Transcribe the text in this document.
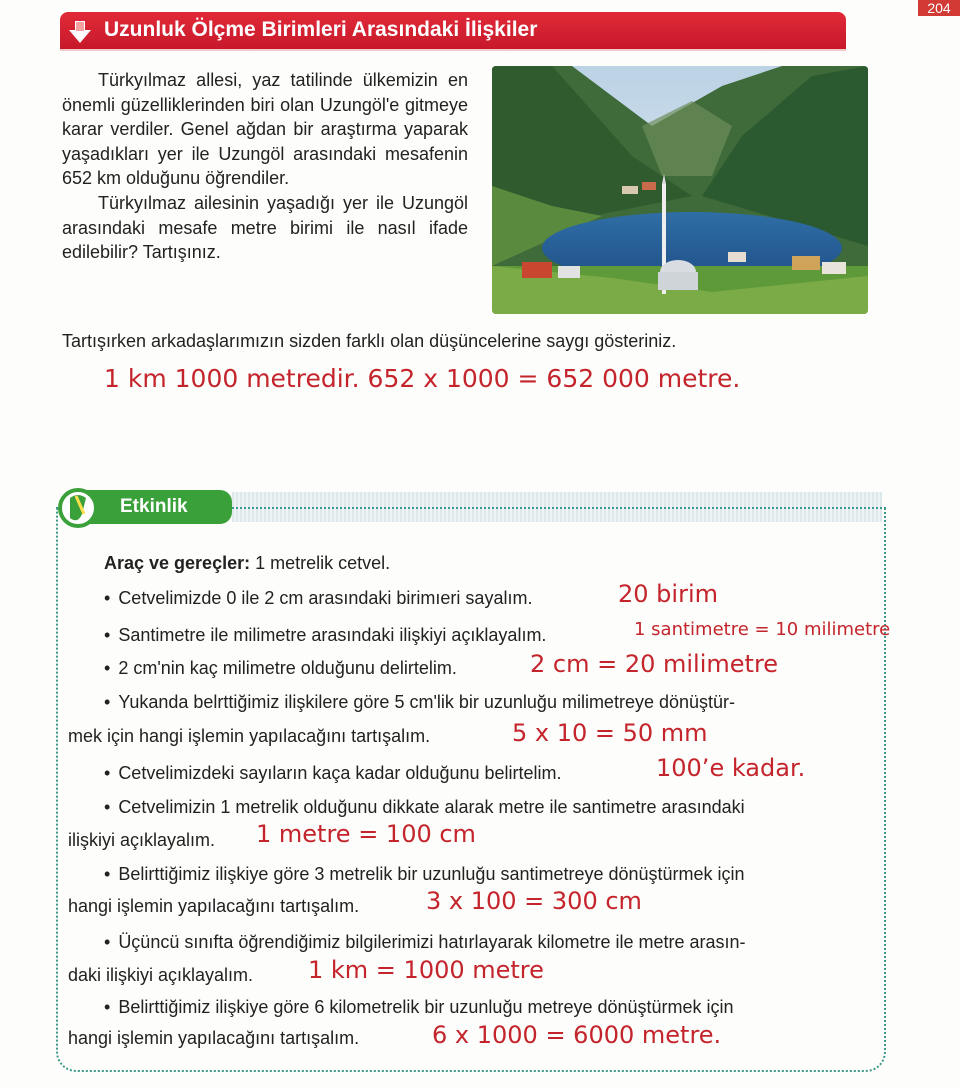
204
Uzunluk Ölçme Birimleri Arasındaki İlişkiler

Türkyılmaz allesi, yaz tatilinde ülkemizin en önemli güzelliklerinden biri olan Uzungöl'e gitmeye karar verdiler. Genel ağdan bir araştırma yaparak yaşadıkları yer ile Uzungöl arasındaki mesafenin 652 km olduğunu öğrendiler.

Türkyılmaz ailesinin yaşadığı yer ile Uzungöl arasındaki mesafe metre birimi ile nasıl ifade edilebilir? Tartışınız.

Tartışırken arkadaşlarımızın sizden farklı olan düşüncelerine saygı gösteriniz.
1 km 1000 metredir. 652 x 1000 = 652 000 metre.
Etkinlik
Araç ve gereçler: 1 metrelik cetvel.
• Cetvelimizde 0 ile 2 cm arasındaki birimıeri sayalım.	20 birim
• Santimetre ile milimetre arasındaki ilişkiyi açıklayalım.	1 santimetre = 10 milimetre
• 2 cm'nin kaç milimetre olduğunu delirtelim.	2 cm = 20 milimetre
• Yukanda belrttiğimiz ilişkilere göre 5 cm'lik bir uzunluğu milimetreye dönüştür-
mek için hangi işlemin yapılacağını tartışalım.	5 x 10 = 50 mm
• Cetvelimizdeki sayıların kaça kadar olduğunu belirtelim.	100’e kadar.
• Cetvelimizin 1 metrelik olduğunu dikkate alarak metre ile santimetre arasındaki
ilişkiyi açıklayalım. 1 metre = 100 cm
• Belirttiğimiz ilişkiye göre 3 metrelik bir uzunluğu santimetreye dönüştürmek için
hangi işlemin yapılacağını tartışalım.	3 x 100 = 300 cm
• Üçüncü sınıfta öğrendiğimiz bilgilerimizi hatırlayarak kilometre ile metre arasın-
daki ilişkiyi açıklayalım. 1 km = 1000 metre
• Belirttiğimiz ilişkiye göre 6 kilometrelik bir uzunluğu metreye dönüştürmek için
hangi işlemin yapılacağını tartışalım.	6 x 1000 = 6000 metre.
